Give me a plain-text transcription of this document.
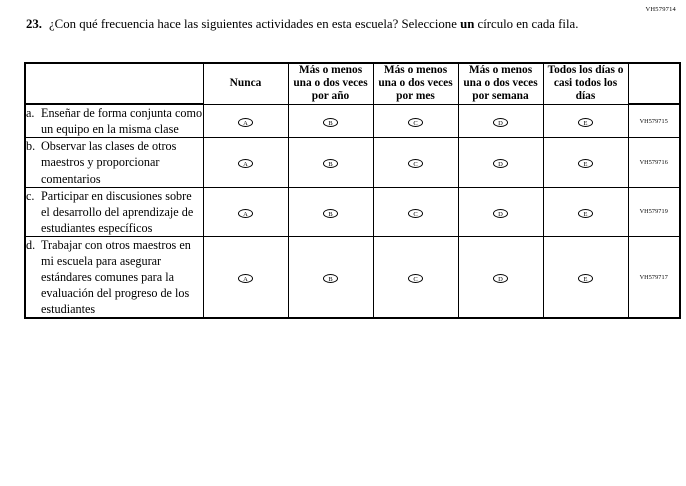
VH579714
23. ¿Con qué frecuencia hace las siguientes actividades en esta escuela? Seleccione un círculo en cada fila.
	Nunca	Más o menos una o dos veces por año	Más o menos una o dos veces por mes	Más o menos una o dos veces por semana	Todos los días o casi todos los días	

a. Enseñar de forma conjunta como un equipo en la misma clase	A	B	C	D	E	VH579715

b. Observar las clases de otros maestros y proporcionar comentarios	A	B	C	D	E	VH579716

c. Participar en discusiones sobre el desarrollo del aprendizaje de estudiantes específicos	A	B	C	D	E	VH579719

d. Trabajar con otros maestros en mi escuela para asegurar estándares comunes para la evaluación del progreso de los estudiantes	A	B	C	D	E	VH579717
